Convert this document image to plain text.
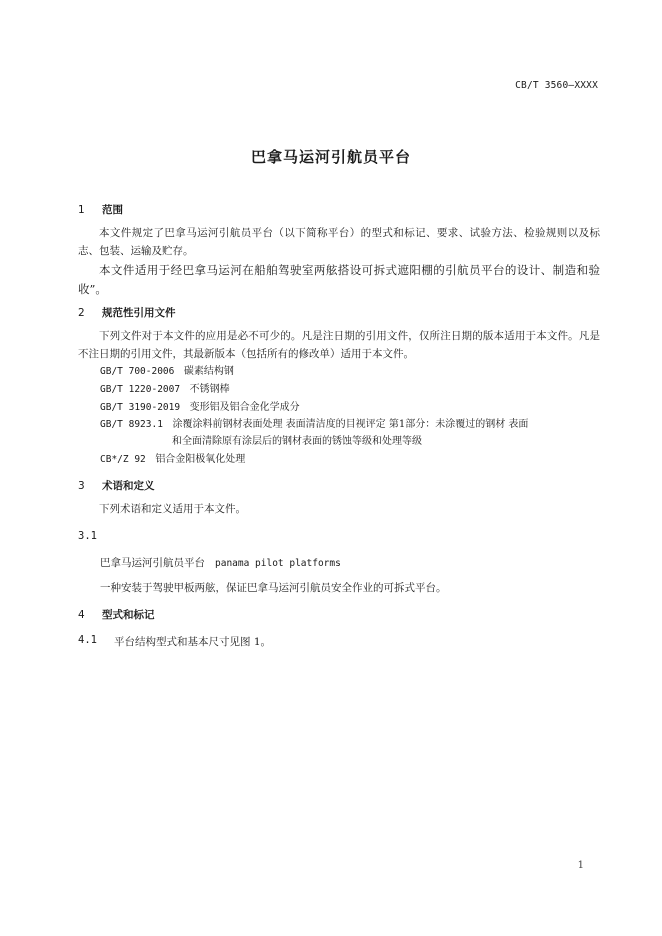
CB/T 3560—XXXX
巴拿马运河引航员平台
1 范围
本文件规定了巴拿马运河引航员平台（以下简称平台）的型式和标记、要求、试验方法、检验规则以及标志、包装、运输及贮存。
本文件适用于经巴拿马运河在船舶驾驶室两舷搭设可拆式遮阳棚的引航员平台的设计、制造和验收”。
2 规范性引用文件
下列文件对于本文件的应用是必不可少的。凡是注日期的引用文件，仅所注日期的版本适用于本文件。凡是不注日期的引用文件，其最新版本（包括所有的修改单）适用于本文件。
GB/T 700-2006 碳素结构钢
GB/T 1220-2007 不锈钢棒
GB/T 3190-2019 变形铝及铝合金化学成分
GB/T 8923.1 涂覆涂料前钢材表面处理 表面清洁度的目视评定 第1部分：未涂覆过的钢材 表面
和全面清除原有涂层后的钢材表面的锈蚀等级和处理等级
CB*/Z 92 铝合金阳极氧化处理
3 术语和定义
下列术语和定义适用于本文件。
3.1
巴拿马运河引航员平台 panama pilot platforms
一种安装于驾驶甲板两舷，保证巴拿马运河引航员安全作业的可拆式平台。
4 型式和标记
4.1 平台结构型式和基本尺寸见图 1。
1
